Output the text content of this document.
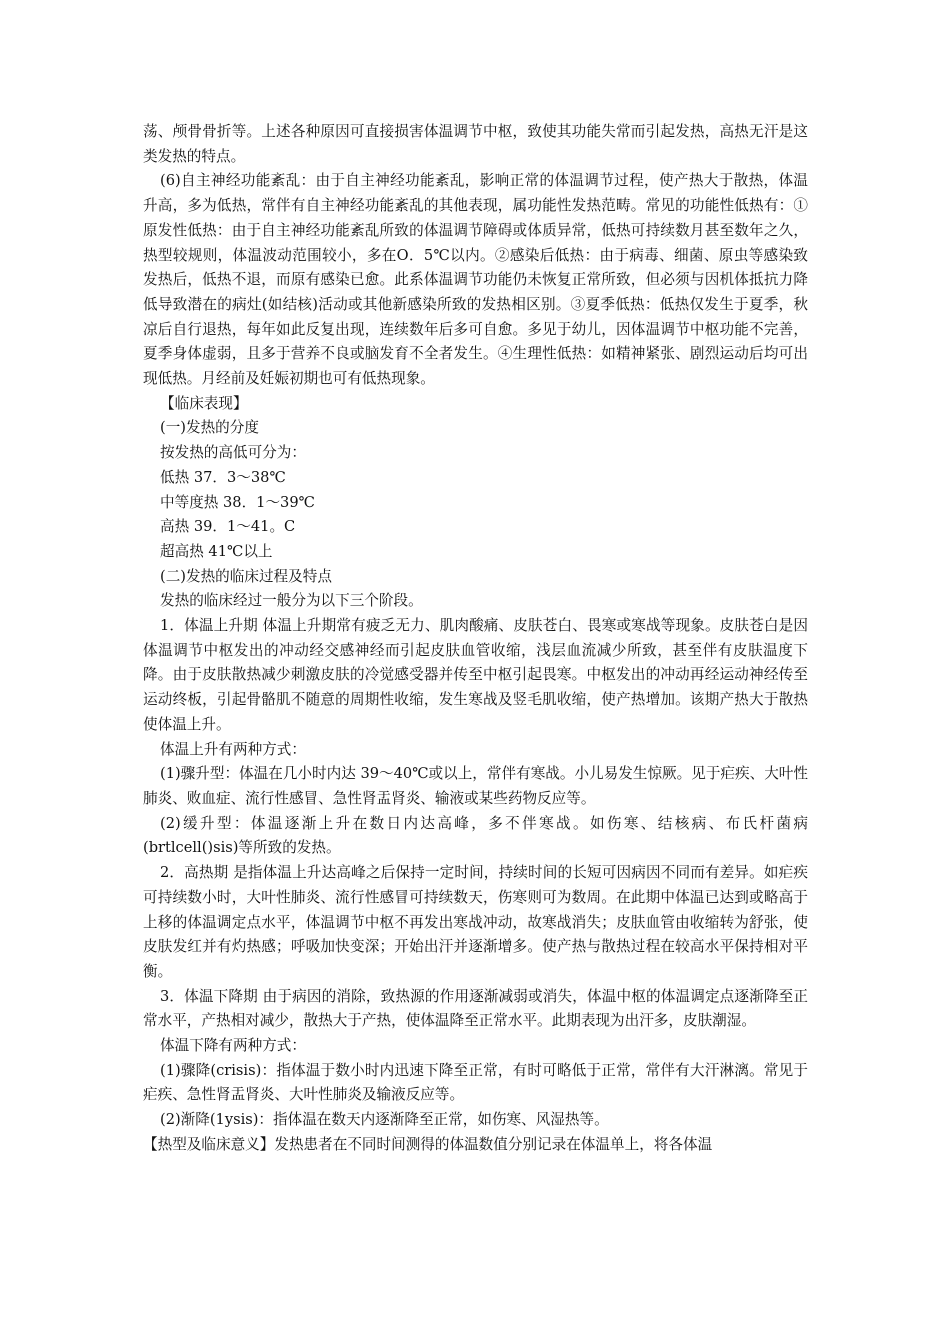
荡、颅骨骨折等。上述各种原因可直接损害体温调节中枢，致使其功能失常而引起发热，高热无汗是这类发热的特点。

(6)自主神经功能紊乱：由于自主神经功能紊乱，影响正常的体温调节过程，使产热大于散热，体温升高，多为低热，常伴有自主神经功能紊乱的其他表现，属功能性发热范畴。常见的功能性低热有：①原发性低热：由于自主神经功能紊乱所致的体温调节障碍或体质异常，低热可持续数月甚至数年之久，热型较规则，体温波动范围较小，多在O．5℃以内。②感染后低热：由于病毒、细菌、原虫等感染致发热后，低热不退，而原有感染已愈。此系体温调节功能仍未恢复正常所致，但必须与因机体抵抗力降低导致潜在的病灶(如结核)活动或其他新感染所致的发热相区别。③夏季低热：低热仅发生于夏季，秋凉后自行退热，每年如此反复出现，连续数年后多可自愈。多见于幼儿，因体温调节中枢功能不完善，夏季身体虚弱，且多于营养不良或脑发育不全者发生。④生理性低热：如精神紧张、剧烈运动后均可出现低热。月经前及妊娠初期也可有低热现象。

【临床表现】

(一)发热的分度

按发热的高低可分为：

低热 37．3～38℃

中等度热 38．1～39℃

高热 39．1～41。C

超高热 41℃以上

(二)发热的临床过程及特点

发热的临床经过一般分为以下三个阶段。

1．体温上升期 体温上升期常有疲乏无力、肌肉酸痛、皮肤苍白、畏寒或寒战等现象。皮肤苍白是因体温调节中枢发出的冲动经交感神经而引起皮肤血管收缩，浅层血流减少所致，甚至伴有皮肤温度下降。由于皮肤散热减少刺激皮肤的冷觉感受器并传至中枢引起畏寒。中枢发出的冲动再经运动神经传至运动终板，引起骨骼肌不随意的周期性收缩，发生寒战及竖毛肌收缩，使产热增加。该期产热大于散热使体温上升。

体温上升有两种方式：

(1)骤升型：体温在几小时内达 39～40℃或以上，常伴有寒战。小儿易发生惊厥。见于疟疾、大叶性肺炎、败血症、流行性感冒、急性肾盂肾炎、输液或某些药物反应等。

(2)缓升型：体温逐渐上升在数日内达高峰，多不伴寒战。如伤寒、结核病、布氏杆菌病(brtlcell()sis)等所致的发热。

2．高热期 是指体温上升达高峰之后保持一定时间，持续时间的长短可因病因不同而有差异。如疟疾可持续数小时，大叶性肺炎、流行性感冒可持续数天，伤寒则可为数周。在此期中体温已达到或略高于上移的体温调定点水平，体温调节中枢不再发出寒战冲动，故寒战消失；皮肤血管由收缩转为舒张，使皮肤发红并有灼热感；呼吸加快变深；开始出汗并逐渐增多。使产热与散热过程在较高水平保持相对平衡。

3．体温下降期 由于病因的消除，致热源的作用逐渐减弱或消失，体温中枢的体温调定点逐渐降至正常水平，产热相对减少，散热大于产热，使体温降至正常水平。此期表现为出汗多，皮肤潮湿。

体温下降有两种方式：

(1)骤降(crisis)：指体温于数小时内迅速下降至正常，有时可略低于正常，常伴有大汗淋漓。常见于疟疾、急性肾盂肾炎、大叶性肺炎及输液反应等。

(2)渐降(1ysis)：指体温在数天内逐渐降至正常，如伤寒、风湿热等。

【热型及临床意义】发热患者在不同时间测得的体温数值分别记录在体温单上，将各体温
